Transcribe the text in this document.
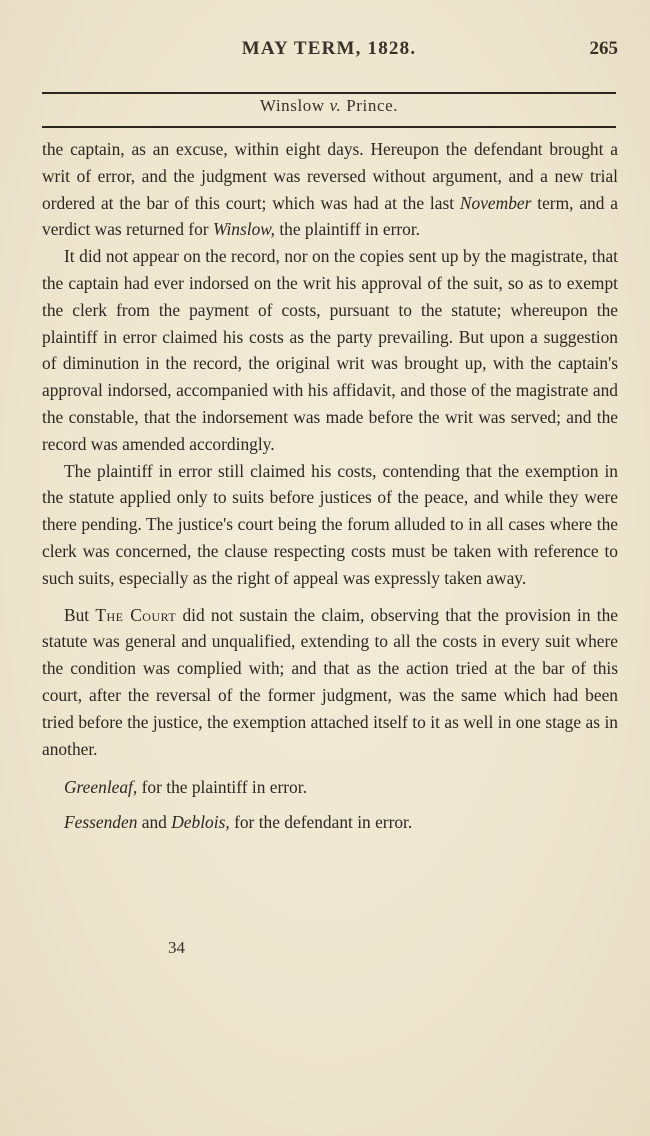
MAY TERM, 1828.	265
Winslow v. Prince.

the captain, as an excuse, within eight days. Hereupon the defendant brought a writ of error, and the judgment was reversed without argument, and a new trial ordered at the bar of this court; which was had at the last November term, and a verdict was returned for Winslow, the plaintiff in error.

It did not appear on the record, nor on the copies sent up by the magistrate, that the captain had ever indorsed on the writ his approval of the suit, so as to exempt the clerk from the payment of costs, pursuant to the statute; whereupon the plaintiff in error claimed his costs as the party prevailing. But upon a suggestion of diminution in the record, the original writ was brought up, with the captain's approval indorsed, accompanied with his affidavit, and those of the magistrate and the constable, that the indorsement was made before the writ was served; and the record was amended accordingly.

The plaintiff in error still claimed his costs, contending that the exemption in the statute applied only to suits before justices of the peace, and while they were there pending. The justice's court being the forum alluded to in all cases where the clerk was concerned, the clause respecting costs must be taken with reference to such suits, especially as the right of appeal was expressly taken away.

But The Court did not sustain the claim, observing that the provision in the statute was general and unqualified, extending to all the costs in every suit where the condition was complied with; and that as the action tried at the bar of this court, after the reversal of the former judgment, was the same which had been tried before the justice, the exemption attached itself to it as well in one stage as in another.

Greenleaf, for the plaintiff in error.

Fessenden and Deblois, for the defendant in error.

34
